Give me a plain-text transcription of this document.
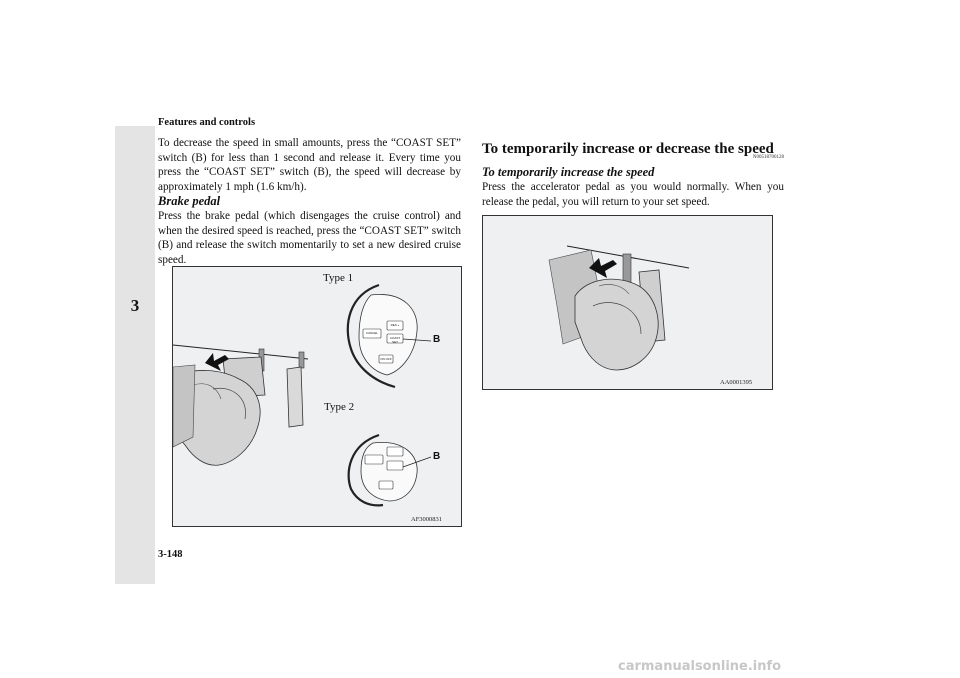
Features and controls
3

To decrease the speed in small amounts, press the “COAST SET” switch (B) for less than 1 second and release it. Every time you press the “COAST SET” switch (B), the speed will decrease by approximately 1 mph (1.6 km/h).

Brake pedal

Press the brake pedal (which disengages the cruise control) and when the desired speed is reached, press the “COAST SET” switch (B) and release the switch momentarily to set a new desired cruise speed.

Type 1
Type 2
B
B
CANCEL
RES +
COAST SET
ON OFF
AF3000831
To temporarily increase or decrease the speed
N00518700128
To temporarily increase the speed

Press the accelerator pedal as you would normally. When you release the pedal, you will return to your set speed.

AA0001395
3-148
carmanualsonline.info
